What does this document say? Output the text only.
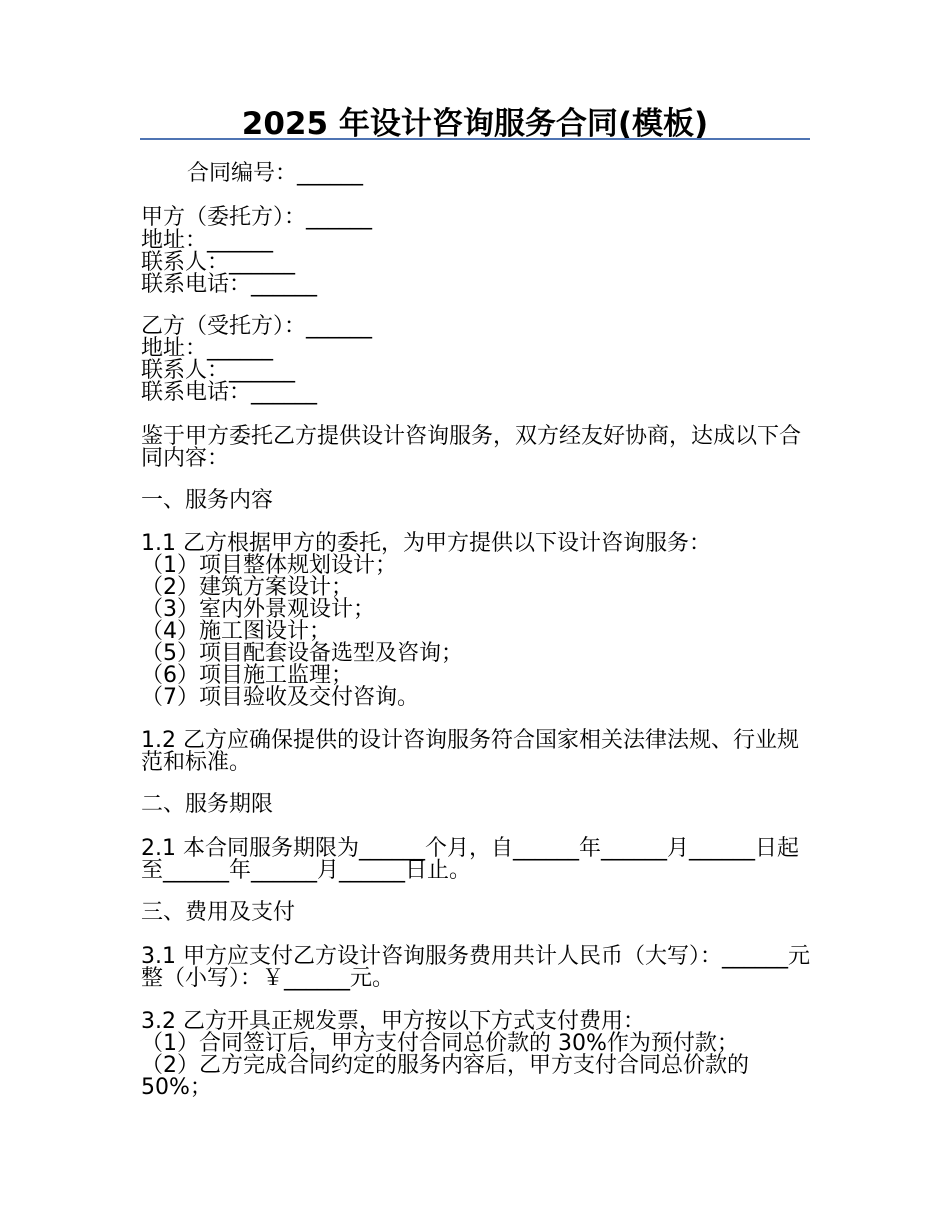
2025 年设计咨询服务合同(模板)

合同编号：______

甲方（委托方）：______

地址：______

联系人：______

联系电话：______

乙方（受托方）：______

地址：______

联系人：______

联系电话：______

鉴于甲方委托乙方提供设计咨询服务，双方经友好协商，达成以下合同内容：

一、服务内容

1.1 乙方根据甲方的委托，为甲方提供以下设计咨询服务：

（1）项目整体规划设计；

（2）建筑方案设计；

（3）室内外景观设计；

（4）施工图设计；

（5）项目配套设备选型及咨询；

（6）项目施工监理；

（7）项目验收及交付咨询。

1.2 乙方应确保提供的设计咨询服务符合国家相关法律法规、行业规范和标准。

二、服务期限

2.1 本合同服务期限为______个月，自______年______月______日起至______年______月______日止。

三、费用及支付

3.1 甲方应支付乙方设计咨询服务费用共计人民币（大写）：______元整（小写）：￥______元。

3.2 乙方开具正规发票，甲方按以下方式支付费用：

（1）合同签订后，甲方支付合同总价款的 30%作为预付款；

（2）乙方完成合同约定的服务内容后，甲方支付合同总价款的 50%；
